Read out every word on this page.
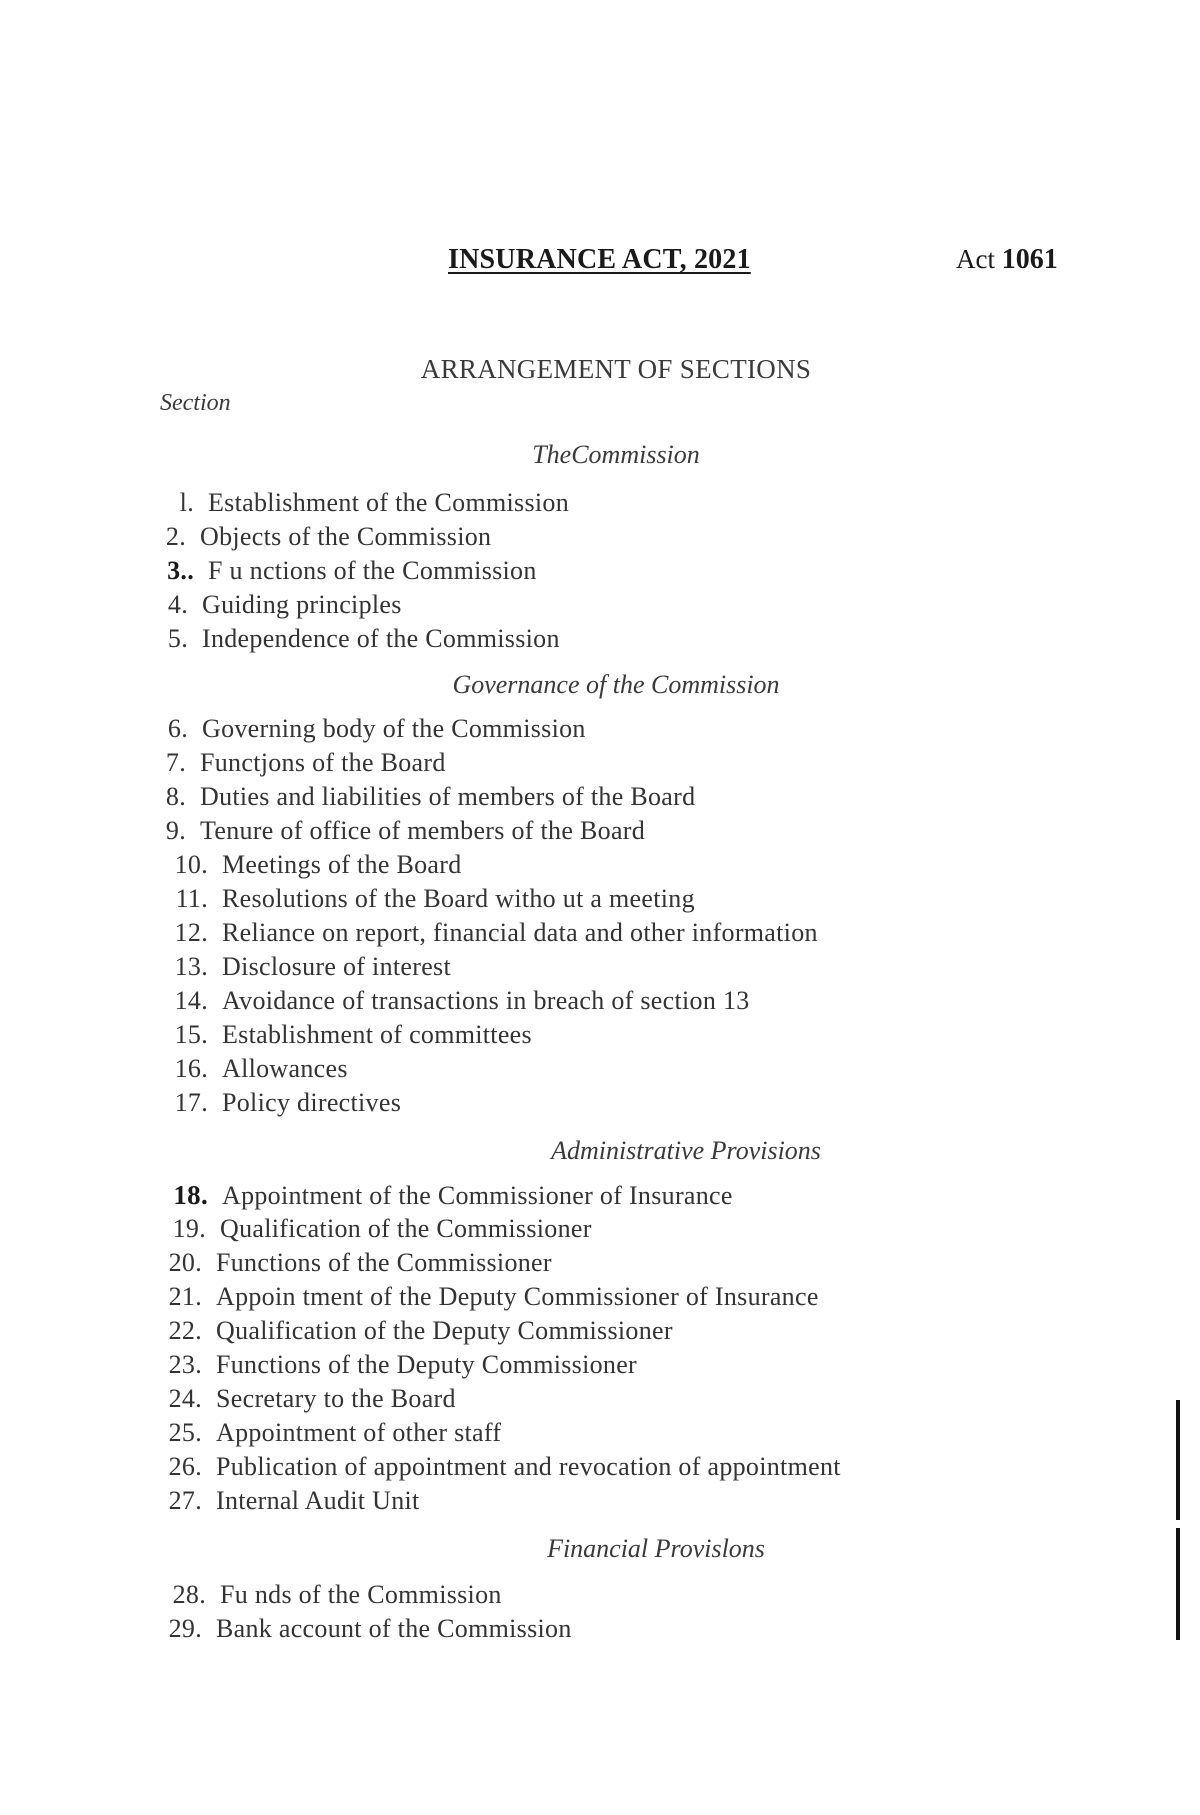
INSURANCE ACT, 2021	Act 1061
ARRANGEMENT OF SECTIONS
Section
TheCommission
l. Establishment of the Commission
2. Objects of the Commission
3.. F u nctions of the Commission
4. Guiding principles
5. Independence of the Commission
Governance of the Commission
6. Governing body of the Commission
7. Functjons of the Board
8. Duties and liabilities of members of the Board
9. Tenure of office of members of the Board
10. Meetings of the Board
11. Resolutions of the Board witho ut a meeting
12. Reliance on report, financial data and other information
13. Disclosure of interest
14. Avoidance of transactions in breach of section 13
15. Establishment of committees
16. Allowances
17. Policy directives
Administrative Provisions
18. Appointment of the Commissioner of Insurance
19. Qualification of the Commissioner
20. Functions of the Commissioner
21. Appoin tment of the Deputy Commissioner of Insurance
22. Qualification of the Deputy Commissioner
23. Functions of the Deputy Commissioner
24. Secretary to the Board
25. Appointment of other staff
26. Publication of appointment and revocation of appointment
27. Internal Audit Unit
Financial Provislons
28. Fu nds of the Commission
29. Bank account of the Commission
